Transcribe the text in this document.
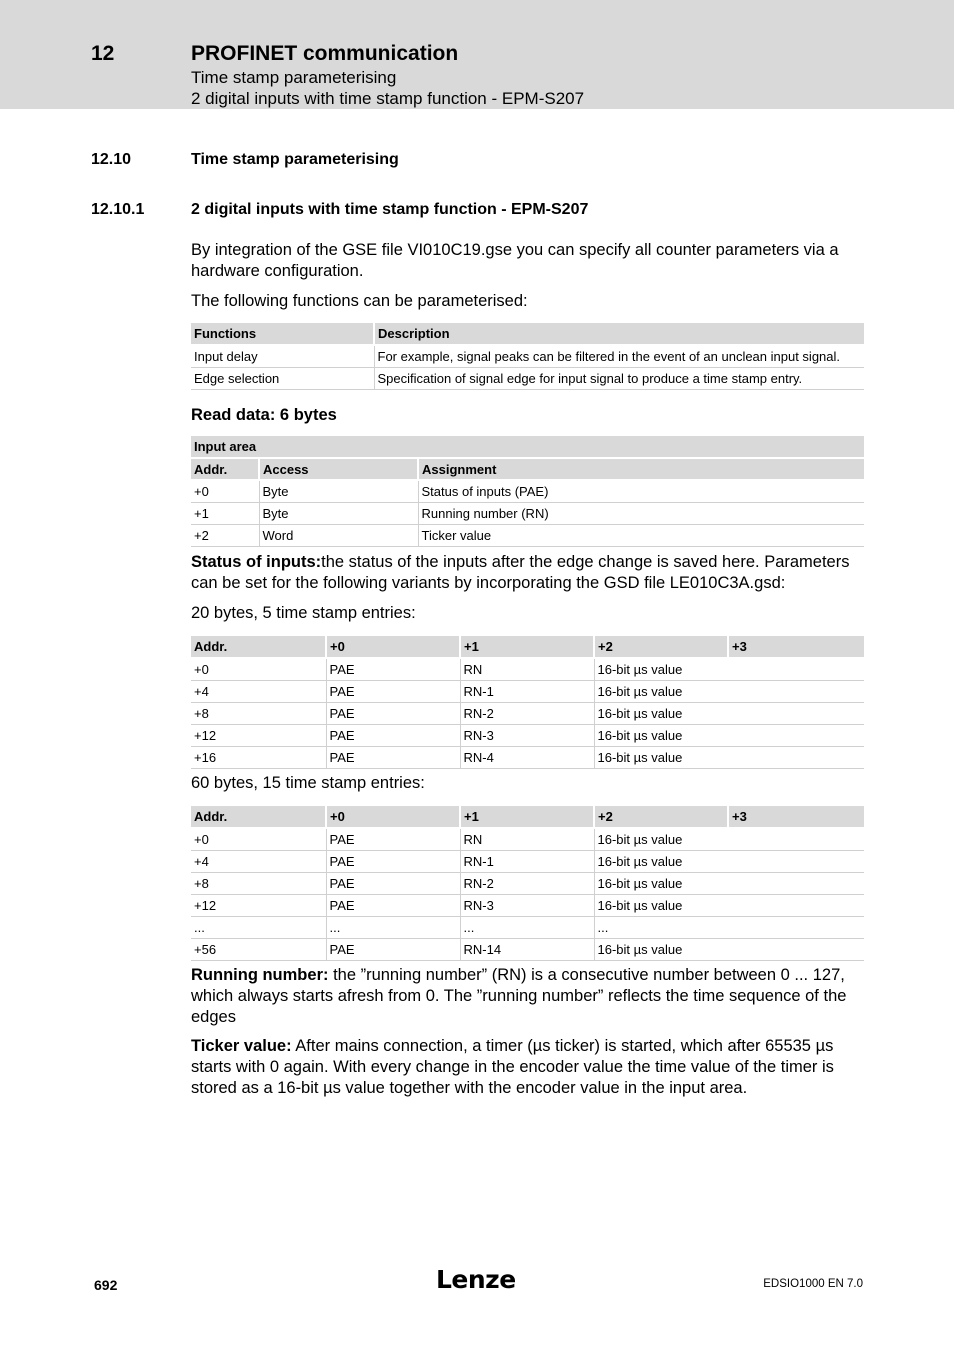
12	PROFINET communication
Time stamp parameterising
2 digital inputs with time stamp function - EPM-S207
12.10	Time stamp parameterising
12.10.1	2 digital inputs with time stamp function - EPM-S207
By integration of the GSE file VI010C19.gse you can specify all counter parameters via a hardware configuration.
The following functions can be parameterised:
Functions	Description
Input delay	For example, signal peaks can be filtered in the event of an unclean input signal.
Edge selection	Specification of signal edge for input signal to produce a time stamp entry.
Read data: 6 bytes
Input area		
Addr.	Access	Assignment
+0	Byte	Status of inputs (PAE)
+1	Byte	Running number (RN)
+2	Word	Ticker value
Status of inputs:the status of the inputs after the edge change is saved here. Parameters can be set for the following variants by incorporating the GSD file LE010C3A.gsd:
20 bytes, 5 time stamp entries:
Addr.	+0	+1	+2	+3
+0	PAE	RN	16-bit µs value	
+4	PAE	RN-1	16-bit µs value	
+8	PAE	RN-2	16-bit µs value	
+12	PAE	RN-3	16-bit µs value	
+16	PAE	RN-4	16-bit µs value	
60 bytes, 15 time stamp entries:
Addr.	+0	+1	+2	+3
+0	PAE	RN	16-bit µs value	
+4	PAE	RN-1	16-bit µs value	
+8	PAE	RN-2	16-bit µs value	
+12	PAE	RN-3	16-bit µs value	
...	...	...	...	
+56	PAE	RN-14	16-bit µs value	
Running number: the ”running number” (RN) is a consecutive number between 0 ... 127, which always starts afresh from 0. The ”running number” reflects the time sequence of the edges
Ticker value: After mains connection, a timer (µs ticker) is started, which after 65535 µs starts with 0 again. With every change in the encoder value the time value of the timer is stored as a 16-bit µs value together with the encoder value in the input area.
692	Lenze	EDSIO1000 EN 7.0
